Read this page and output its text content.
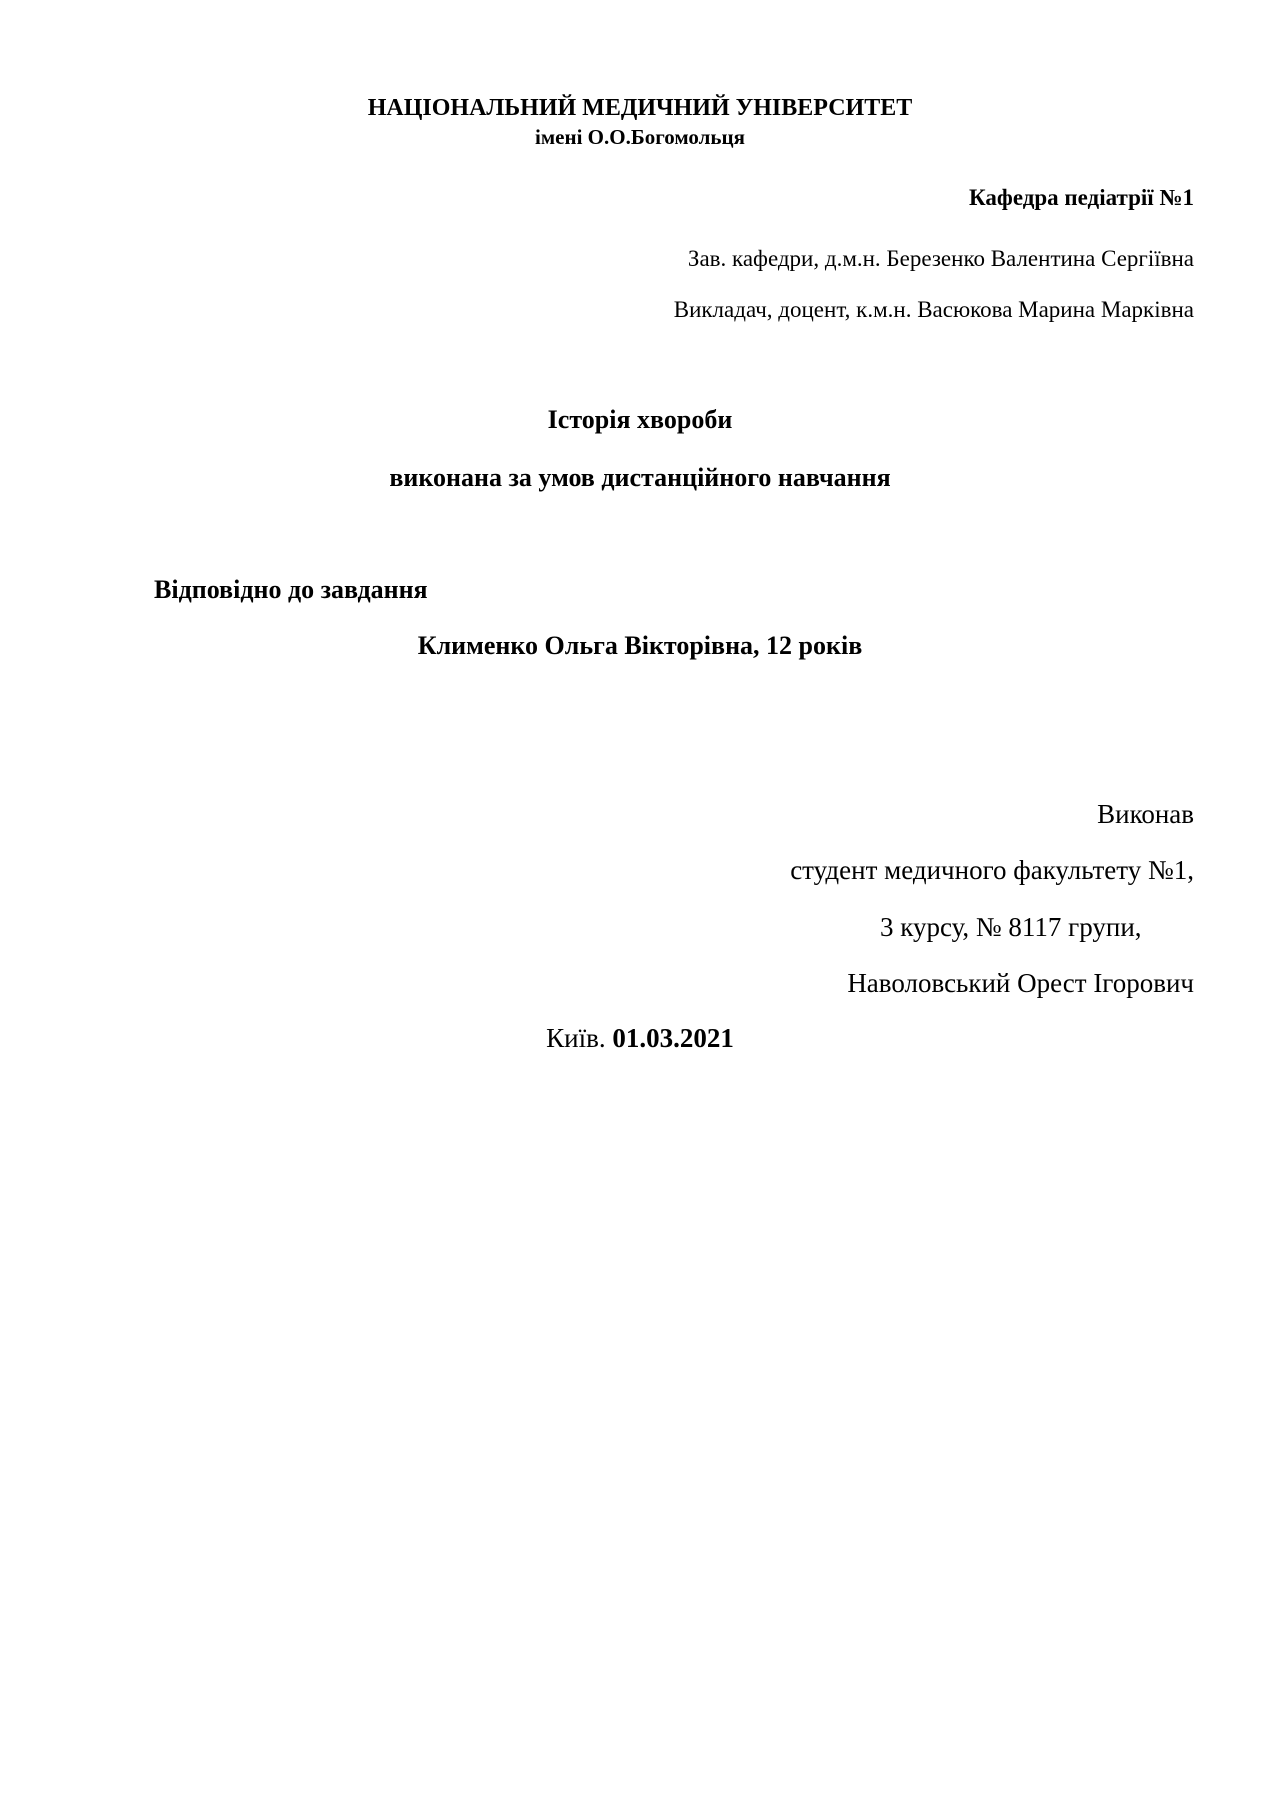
НАЦІОНАЛЬНИЙ МЕДИЧНИЙ УНІВЕРСИТЕТ
імені О.О.Богомольця
Кафедра педіатрії №1
Зав. кафедри, д.м.н. Березенко Валентина Сергіївна
Викладач, доцент, к.м.н. Васюкова Марина Марківна
Історія хвороби
виконана за умов дистанційного навчання
Відповідно до завдання
Клименко Ольга Вікторівна, 12 років
Виконав
студент медичного факультету №1,
3 курсу, № 8117 групи,
Наволовський Орест Ігорович
Київ. 01.03.2021
